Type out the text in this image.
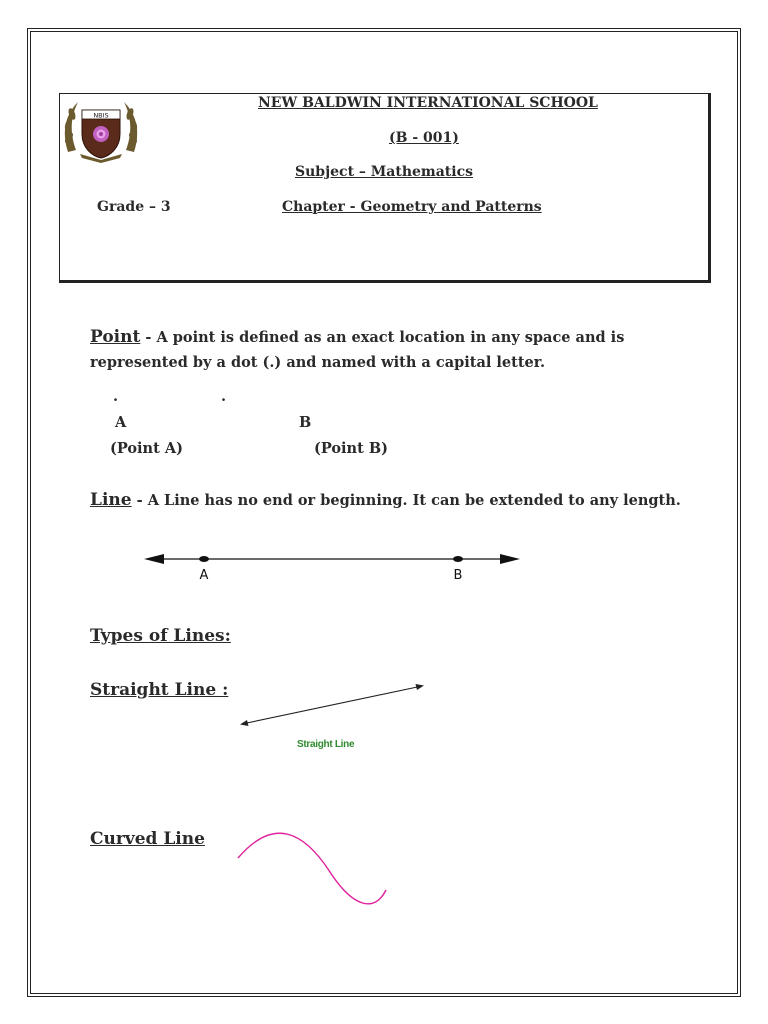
NBIS
NEW BALDWIN INTERNATIONAL SCHOOL
(B - 001)
Subject – Mathematics
Grade – 3	Chapter - Geometry and Patterns
Point - A point is defined as an exact location in any space and is
represented by a dot (.) and named with a capital letter.
.	.
A	B
(Point A)	(Point B)
Line - A Line has no end or beginning. It can be extended to any length.
A	B
Types of Lines:
Straight Line :
Straight Line
Curved Line
